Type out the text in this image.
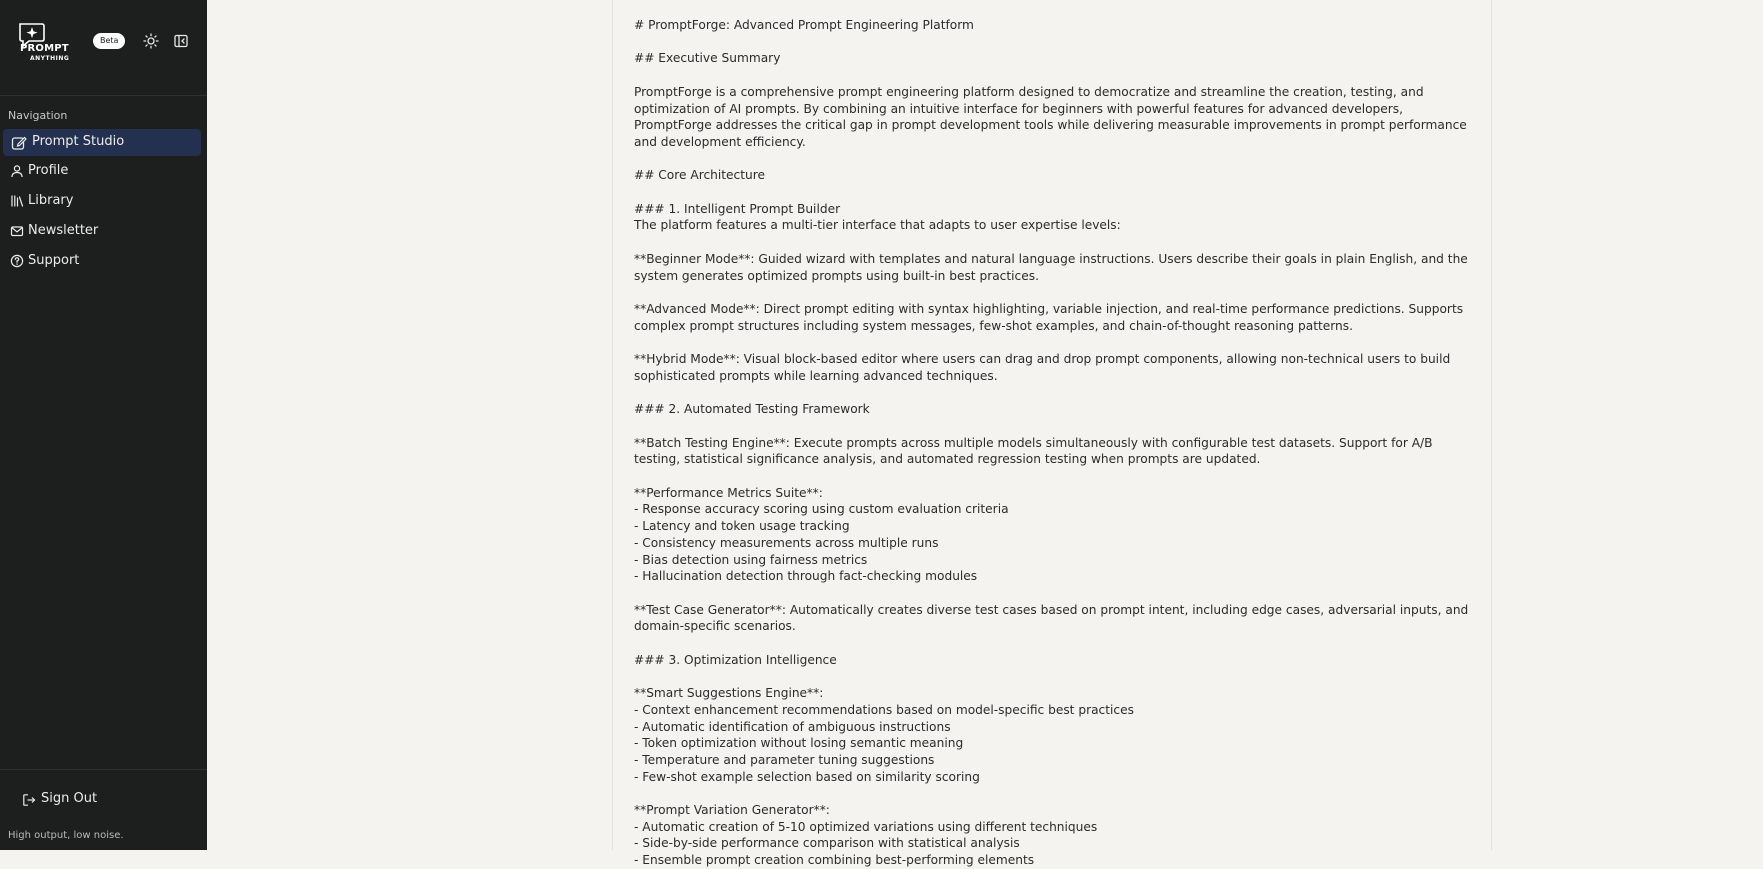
PROMPT
ANYTHING
Beta
Navigation
Prompt Studio
Profile
Library
Newsletter
Support
Sign Out
High output, low noise.
# PromptForge: Advanced Prompt Engineering Platform

## Executive Summary

PromptForge is a comprehensive prompt engineering platform designed to democratize and streamline the creation, testing, and optimization of AI prompts. By combining an intuitive interface for beginners with powerful features for advanced developers, PromptForge addresses the critical gap in prompt development tools while delivering measurable improvements in prompt performance and development efficiency.

## Core Architecture

### 1. Intelligent Prompt Builder
The platform features a multi-tier interface that adapts to user expertise levels:

**Beginner Mode**: Guided wizard with templates and natural language instructions. Users describe their goals in plain English, and the system generates optimized prompts using built-in best practices.

**Advanced Mode**: Direct prompt editing with syntax highlighting, variable injection, and real-time performance predictions. Supports complex prompt structures including system messages, few-shot examples, and chain-of-thought reasoning patterns.

**Hybrid Mode**: Visual block-based editor where users can drag and drop prompt components, allowing non-technical users to build sophisticated prompts while learning advanced techniques.

### 2. Automated Testing Framework

**Batch Testing Engine**: Execute prompts across multiple models simultaneously with configurable test datasets. Support for A/B testing, statistical significance analysis, and automated regression testing when prompts are updated.

**Performance Metrics Suite**:
- Response accuracy scoring using custom evaluation criteria
- Latency and token usage tracking
- Consistency measurements across multiple runs
- Bias detection using fairness metrics
- Hallucination detection through fact-checking modules

**Test Case Generator**: Automatically creates diverse test cases based on prompt intent, including edge cases, adversarial inputs, and domain-specific scenarios.

### 3. Optimization Intelligence

**Smart Suggestions Engine**:
- Context enhancement recommendations based on model-specific best practices
- Automatic identification of ambiguous instructions
- Token optimization without losing semantic meaning
- Temperature and parameter tuning suggestions
- Few-shot example selection based on similarity scoring

**Prompt Variation Generator**:
- Automatic creation of 5-10 optimized variations using different techniques
- Side-by-side performance comparison with statistical analysis
- Ensemble prompt creation combining best-performing elements
